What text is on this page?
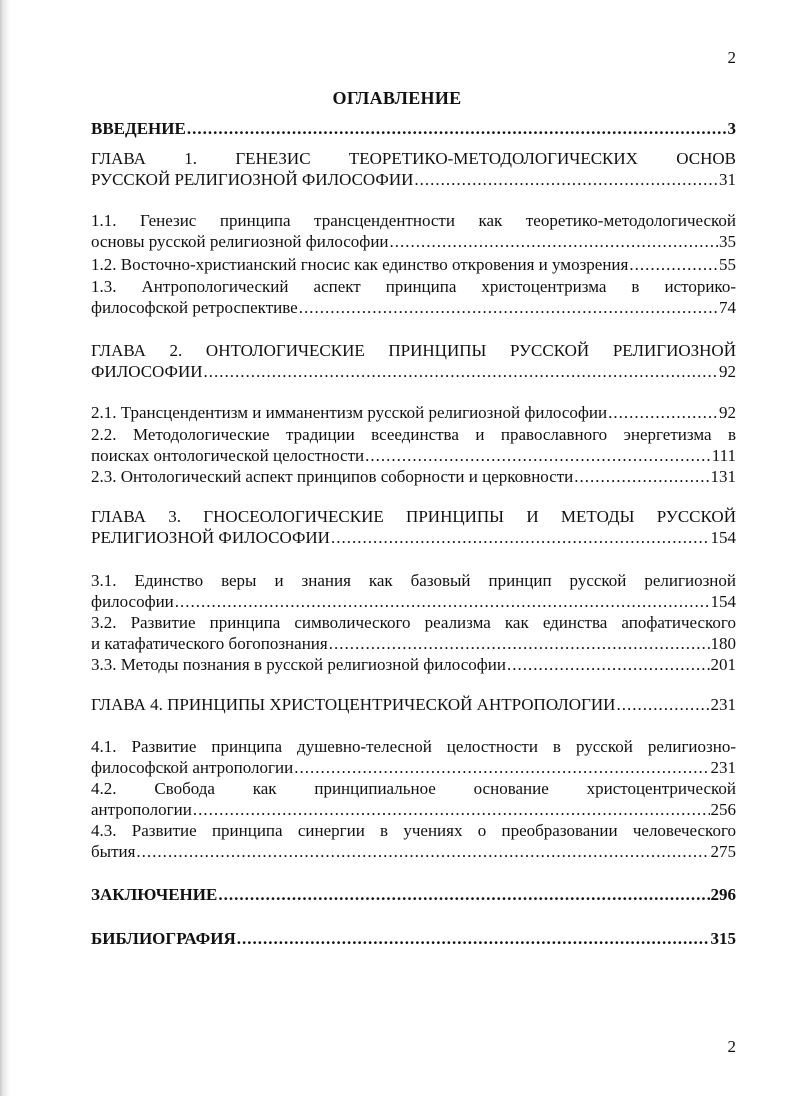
2
ОГЛАВЛЕНИЕ
ВВЕДЕНИЕ .....	3
ГЛАВА 1. ГЕНЕЗИС ТЕОРЕТИКО-МЕТОДОЛОГИЧЕСКИХ ОСНОВ
РУССКОЙ РЕЛИГИОЗНОЙ ФИЛОСОФИИ .....	31
1.1. Генезис принципа трансцендентности как теоретико-методологической
основы русской религиозной философии .....	35
1.2. Восточно-христианский гносис как единство откровения и умозрения .....	55
1.3. Антропологический аспект принципа христоцентризма в историко-
философской ретроспективе .....	74
ГЛАВА 2. ОНТОЛОГИЧЕСКИЕ ПРИНЦИПЫ РУССКОЙ РЕЛИГИОЗНОЙ
ФИЛОСОФИИ .....	92
2.1. Трансцендентизм и имманентизм русской религиозной философии .....	92
2.2. Методологические традиции всеединства и православного энергетизма в
поисках онтологической целостности .....	111
2.3. Онтологический аспект принципов соборности и церковности .....	131
ГЛАВА 3. ГНОСЕОЛОГИЧЕСКИЕ ПРИНЦИПЫ И МЕТОДЫ РУССКОЙ
РЕЛИГИОЗНОЙ ФИЛОСОФИИ .....	154
3.1. Единство веры и знания как базовый принцип русской религиозной
философии .....	154
3.2. Развитие принципа символического реализма как единства апофатического
и катафатического богопознания .....	180
3.3. Методы познания в русской религиозной философии .....	201
ГЛАВА 4. ПРИНЦИПЫ ХРИСТОЦЕНТРИЧЕСКОЙ АНТРОПОЛОГИИ .....	231
4.1. Развитие принципа душевно-телесной целостности в русской религиозно-
философской антропологии .....	231
4.2. Свобода как принципиальное основание христоцентрической
антропологии .....	256
4.3. Развитие принципа синергии в учениях о преобразовании человеческого
бытия .....	275
ЗАКЛЮЧЕНИЕ .....	296
БИБЛИОГРАФИЯ .....	315
2
